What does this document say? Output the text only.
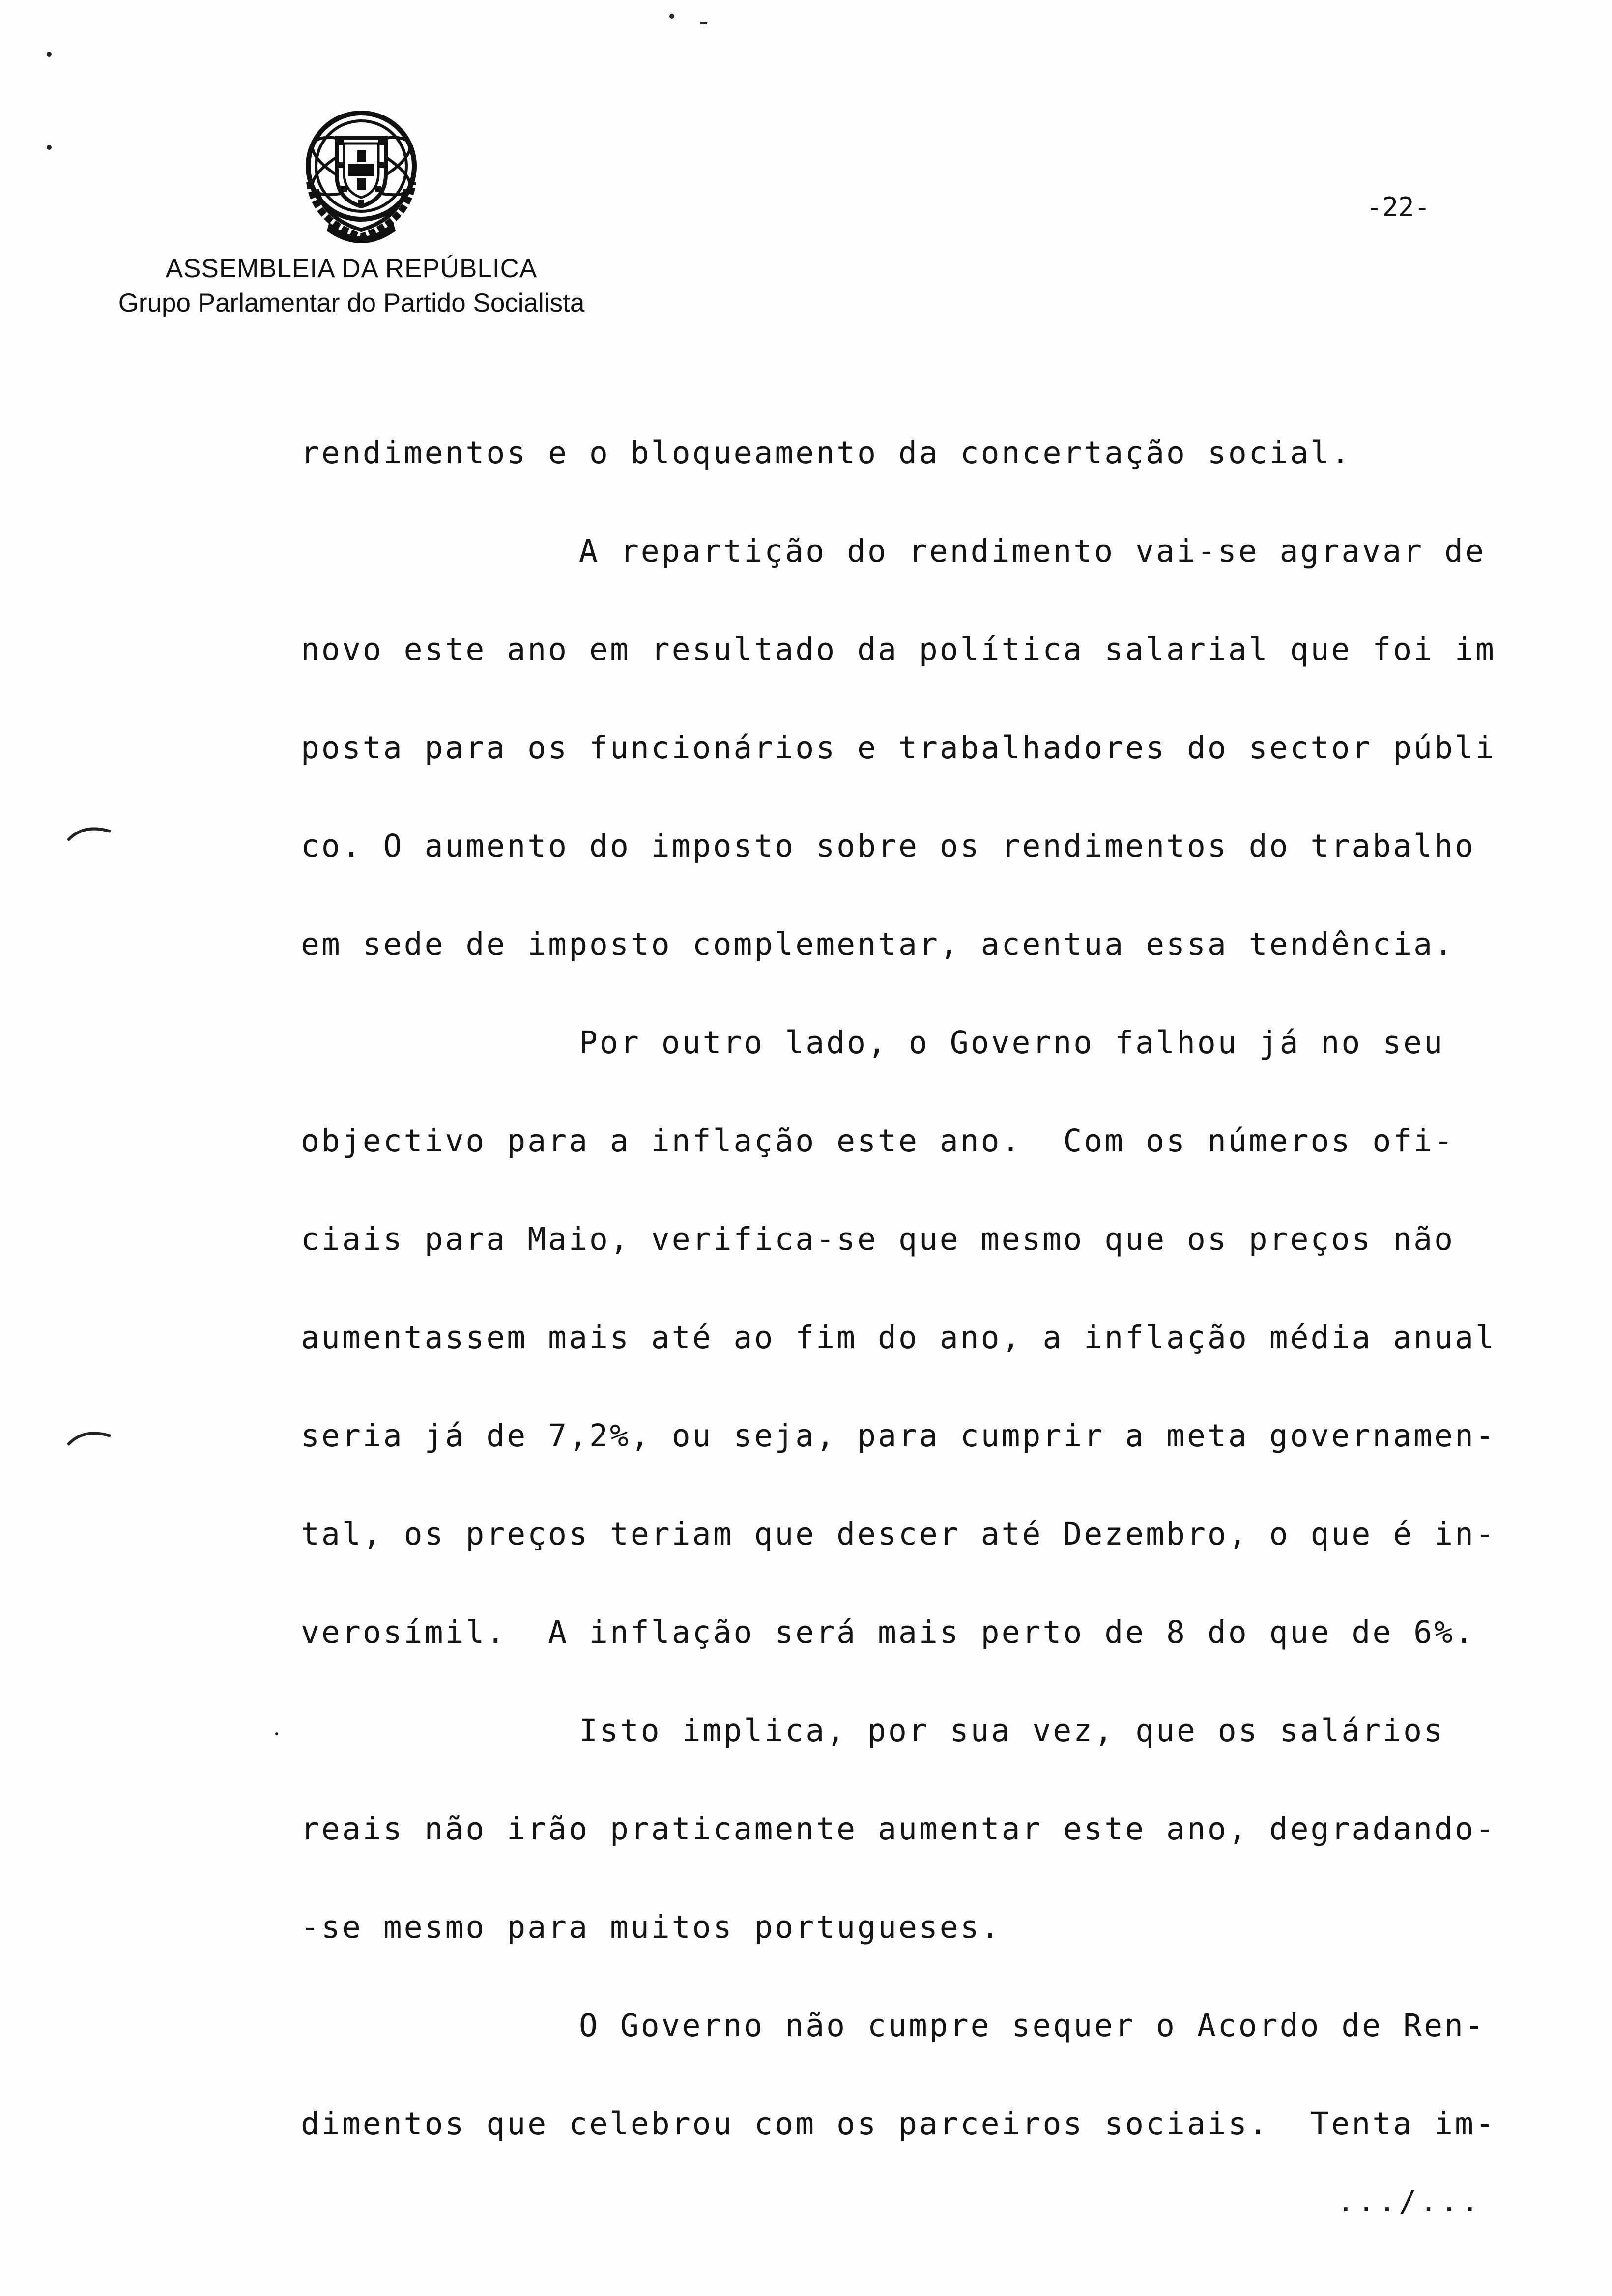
ASSEMBLEIA DA REPÚBLICA
Grupo Parlamentar do Partido Socialista
-22-
rendimentos e o bloqueamento da concertação social.
A repartição do rendimento vai-se agravar de
novo este ano em resultado da política salarial que foi im
posta para os funcionários e trabalhadores do sector públi
co. O aumento do imposto sobre os rendimentos do trabalho
em sede de imposto complementar, acentua essa tendência.
Por outro lado, o Governo falhou já no seu
objectivo para a inflação este ano.  Com os números ofi-
ciais para Maio, verifica-se que mesmo que os preços não
aumentassem mais até ao fim do ano, a inflação média anual
seria já de 7,2%, ou seja, para cumprir a meta governamen-
tal, os preços teriam que descer até Dezembro, o que é in-
verosímil.  A inflação será mais perto de 8 do que de 6%.
Isto implica, por sua vez, que os salários
reais não irão praticamente aumentar este ano, degradando-
-se mesmo para muitos portugueses.
O Governo não cumpre sequer o Acordo de Ren-
dimentos que celebrou com os parceiros sociais.  Tenta im-
.../...
